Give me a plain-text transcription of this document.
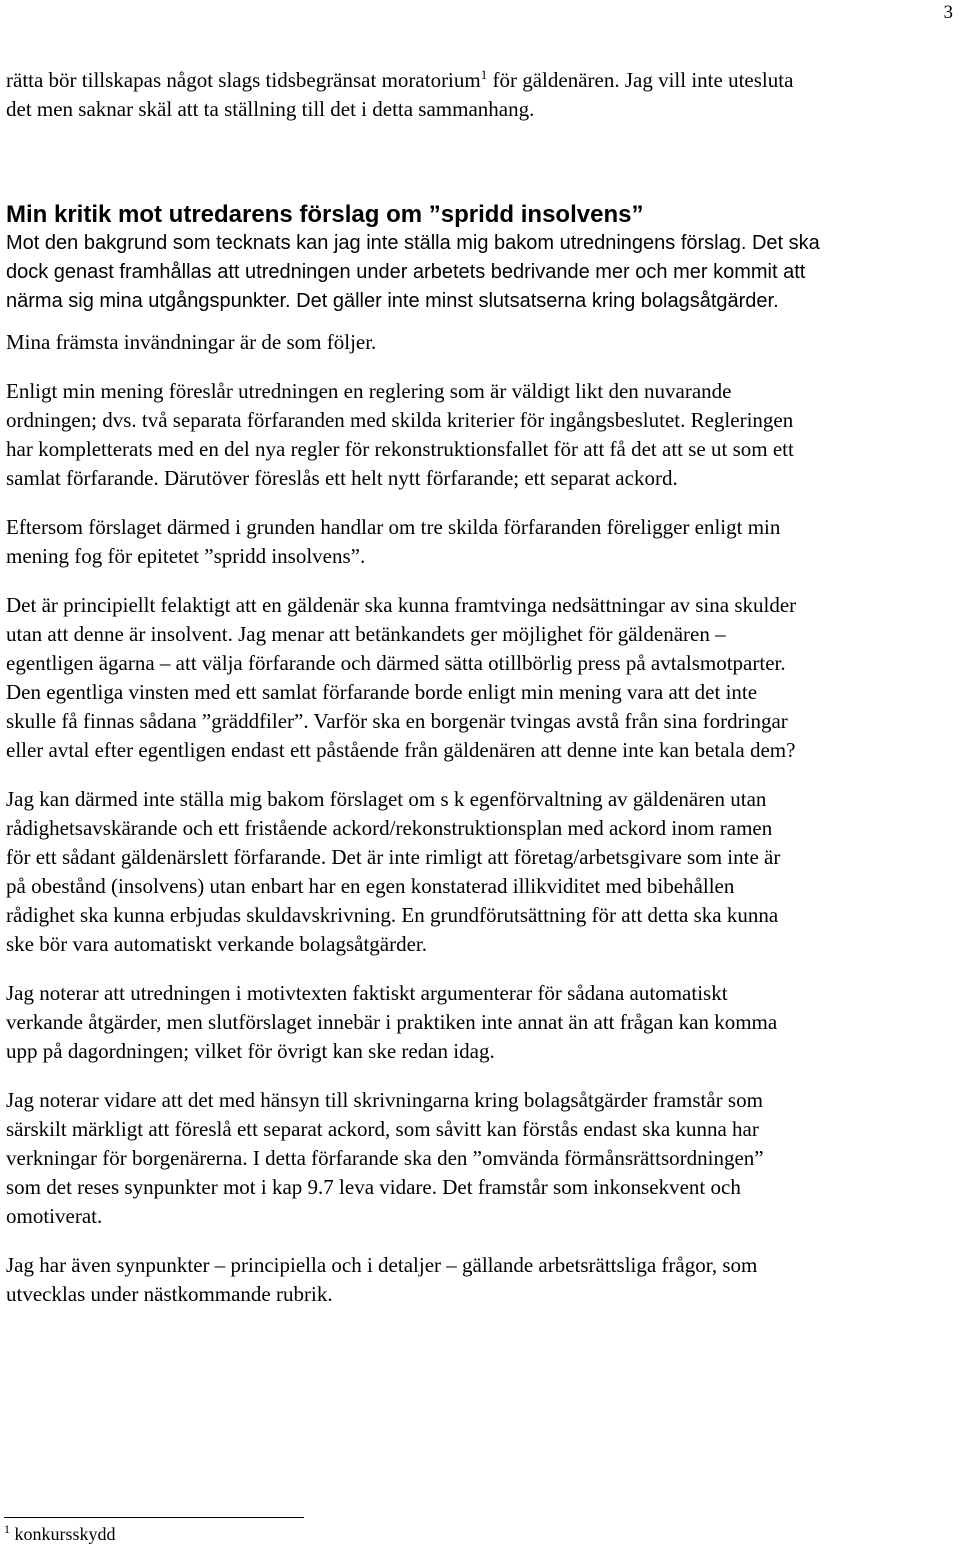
3
rätta bör tillskapas något slags tidsbegränsat moratorium$^1$ för gäldenären. Jag vill inte utesluta
det men saknar skäl att ta ställning till det i detta sammanhang.
Min kritik mot utredarens förslag om ”spridd insolvens”
Mot den bakgrund som tecknats kan jag inte ställa mig bakom utredningens förslag. Det ska
dock genast framhållas att utredningen under arbetets bedrivande mer och mer kommit att
närma sig mina utgångspunkter. Det gäller inte minst slutsatserna kring bolagsåtgärder.
Mina främsta invändningar är de som följer.
Enligt min mening föreslår utredningen en reglering som är väldigt likt den nuvarande
ordningen; dvs. två separata förfaranden med skilda kriterier för ingångsbeslutet. Regleringen
har kompletterats med en del nya regler för rekonstruktionsfallet för att få det att se ut som ett
samlat förfarande. Därutöver föreslås ett helt nytt förfarande; ett separat ackord.
Eftersom förslaget därmed i grunden handlar om tre skilda förfaranden föreligger enligt min
mening fog för epitetet ”spridd insolvens”.
Det är principiellt felaktigt att en gäldenär ska kunna framtvinga nedsättningar av sina skulder
utan att denne är insolvent. Jag menar att betänkandets ger möjlighet för gäldenären –
egentligen ägarna – att välja förfarande och därmed sätta otillbörlig press på avtalsmotparter.
Den egentliga vinsten med ett samlat förfarande borde enligt min mening vara att det inte
skulle få finnas sådana ”gräddfiler”. Varför ska en borgenär tvingas avstå från sina fordringar
eller avtal efter egentligen endast ett påstående från gäldenären att denne inte kan betala dem?
Jag kan därmed inte ställa mig bakom förslaget om s k egenförvaltning av gäldenären utan
rådighetsavskärande och ett fristående ackord/rekonstruktionsplan med ackord inom ramen
för ett sådant gäldenärslett förfarande. Det är inte rimligt att företag/arbetsgivare som inte är
på obestånd (insolvens) utan enbart har en egen konstaterad illikviditet med bibehållen
rådighet ska kunna erbjudas skuldavskrivning. En grundförutsättning för att detta ska kunna
ske bör vara automatiskt verkande bolagsåtgärder.
Jag noterar att utredningen i motivtexten faktiskt argumenterar för sådana automatiskt
verkande åtgärder, men slutförslaget innebär i praktiken inte annat än att frågan kan komma
upp på dagordningen; vilket för övrigt kan ske redan idag.
Jag noterar vidare att det med hänsyn till skrivningarna kring bolagsåtgärder framstår som
särskilt märkligt att föreslå ett separat ackord, som såvitt kan förstås endast ska kunna har
verkningar för borgenärerna. I detta förfarande ska den ”omvända förmånsrättsordningen”
som det reses synpunkter mot i kap 9.7 leva vidare. Det framstår som inkonsekvent och
omotiverat.
Jag har även synpunkter – principiella och i detaljer – gällande arbetsrättsliga frågor, som
utvecklas under nästkommande rubrik.
$^1$ konkursskydd
